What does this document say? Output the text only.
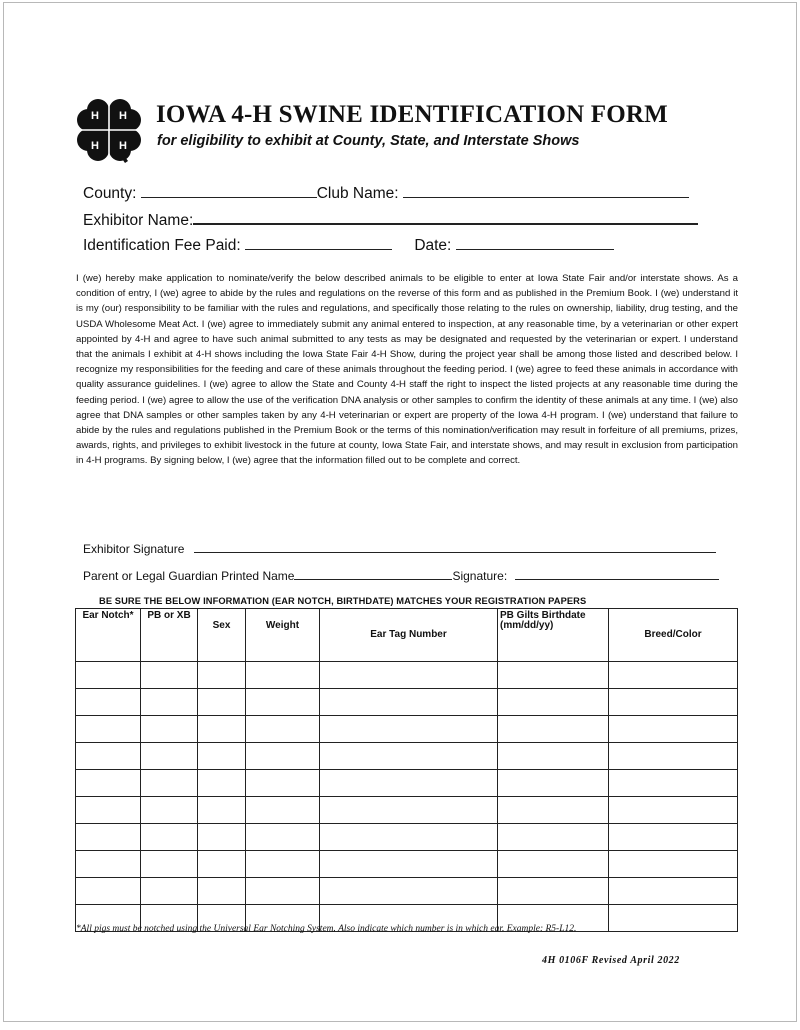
H H
H H
IOWA 4-H SWINE IDENTIFICATION FORM

for eligibility to exhibit at County, State, and Interstate Shows

County:	Club Name:
Exhibitor Name:
Identification Fee Paid:	Date:

I (we) hereby make application to nominate/verify the below described animals to be eligible to enter at Iowa State Fair and/or interstate shows. As a condition of entry, I (we) agree to abide by the rules and regulations on the reverse of this form and as published in the Premium Book. I (we) understand it is my (our) responsibility to be familiar with the rules and regulations, and specifically those relating to the rules on ownership, liability, drug testing, and the USDA Wholesome Meat Act. I (we) agree to immediately submit any animal entered to inspection, at any reasonable time, by a veterinarian or other expert appointed by 4-H and agree to have such animal submitted to any tests as may be designated and requested by the veterinarian or expert. I understand that the animals I exhibit at 4-H shows including the Iowa State Fair 4-H Show, during the project year shall be among those listed and described below. I recognize my responsibilities for the feeding and care of these animals throughout the feeding period. I (we) agree to feed these animals in accordance with quality assurance guidelines. I (we) agree to allow the State and County 4-H staff the right to inspect the listed projects at any reasonable time during the feeding period. I (we) agree to allow the use of the verification DNA analysis or other samples to confirm the identity of these animals at any time. I (we) also agree that DNA samples or other samples taken by any 4-H veterinarian or expert are property of the Iowa 4-H program. I (we) understand that failure to abide by the rules and regulations published in the Premium Book or the terms of this nomination/verification may result in forfeiture of all premiums, prizes, awards, rights, and privileges to exhibit livestock in the future at county, Iowa State Fair, and interstate shows, and may result in exclusion from participation in 4-H programs. By signing below, I (we) agree that the information filled out to be complete and correct.

Exhibitor Signature
Parent or Legal Guardian Printed Name	Signature:
BE SURE THE BELOW INFORMATION (EAR NOTCH, BIRTHDATE) MATCHES YOUR REGISTRATION PAPERS
Ear Notch*	PB or XB	Sex	Weight	Ear Tag Number	PB Gilts Birthdate (mm/dd/yy)	Breed/Color

*All pigs must be notched using the Universal Ear Notching System. Also indicate which number is in which ear. Example: R5-L12.

4H 0106F Revised April 2022
